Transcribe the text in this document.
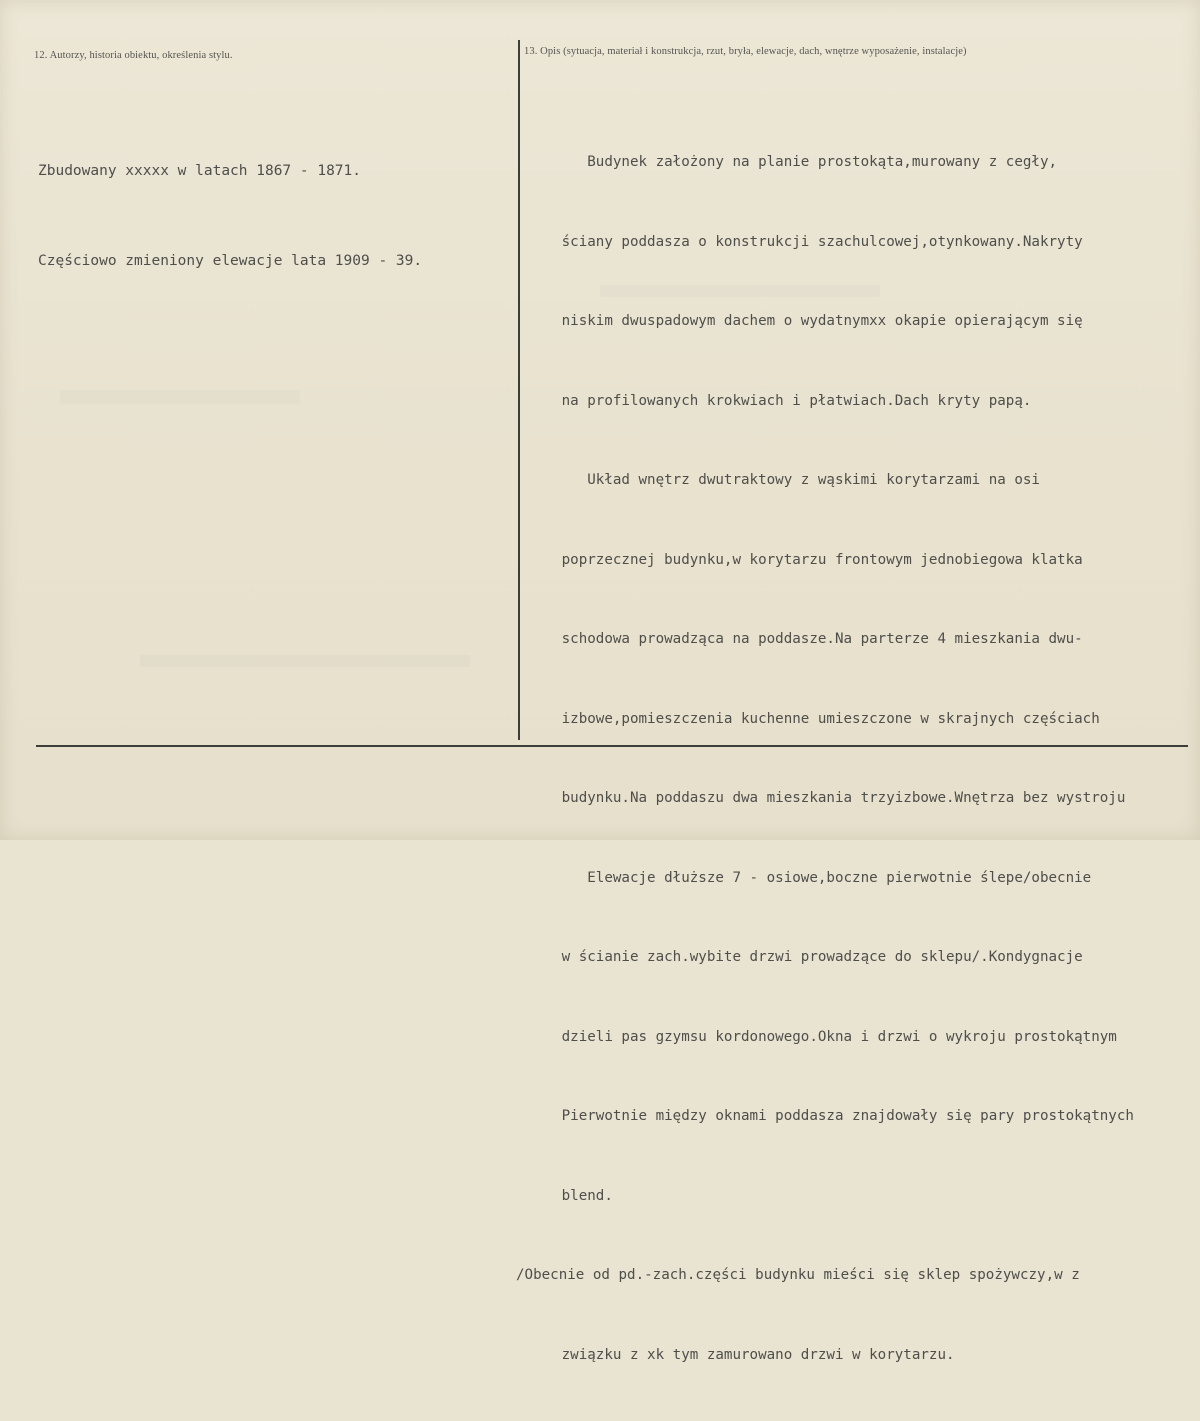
12. Autorzy, historia obiektu, określenia stylu.	13. Opis (sytuacja, materiał i konstrukcja, rzut, bryła, elewacje, dach, wnętrze wyposażenie, instalacje)

Zbudowany xxxxx w latach 1867 - 1871.

Częściowo zmieniony elewacje lata 1909 - 39.

Budynek założony na planie prostokąta,murowany z cegły,

ściany poddasza o konstrukcji szachulcowej,otynkowany.Nakryty

niskim dwuspadowym dachem o wydatnymxx okapie opierającym się

na profilowanych krokwiach i płatwiach.Dach kryty papą.

Układ wnętrz dwutraktowy z wąskimi korytarzami na osi

poprzecznej budynku,w korytarzu frontowym jednobiegowa klatka

schodowa prowadząca na poddasze.Na parterze 4 mieszkania dwu-

izbowe,pomieszczenia kuchenne umieszczone w skrajnych częściach

budynku.Na poddaszu dwa mieszkania trzyizbowe.Wnętrza bez wystroju

Elewacje dłuższe 7 - osiowe,boczne pierwotnie ślepe/obecnie

w ścianie zach.wybite drzwi prowadzące do sklepu/.Kondygnacje

dzieli pas gzymsu kordonowego.Okna i drzwi o wykroju prostokątnym

Pierwotnie między oknami poddasza znajdowały się pary prostokątnych

blend.

/Obecnie od pd.-zach.części budynku mieści się sklep spożywczy,w z

związku z xk tym zamurowano drzwi w korytarzu.
